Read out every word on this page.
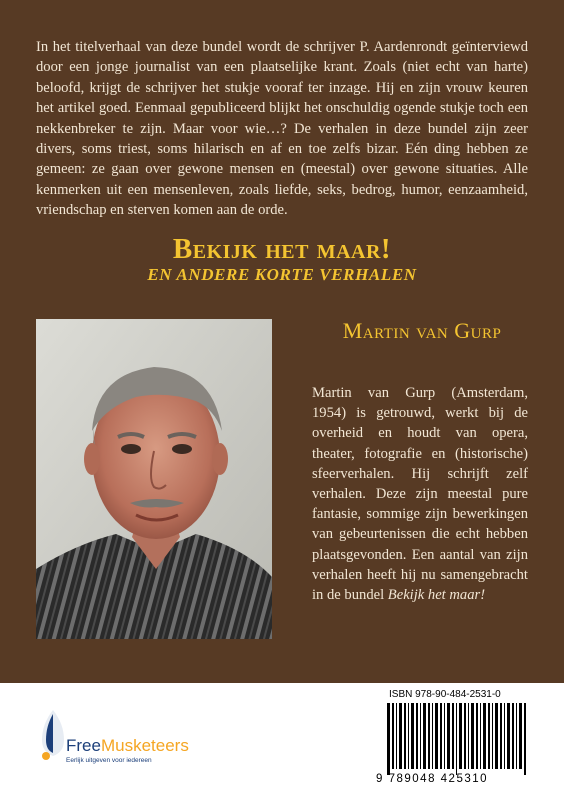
In het titelverhaal van deze bundel wordt de schrijver P. Aardenrondt geïnterviewd door een jonge journalist van een plaatselijke krant. Zoals (niet echt van harte) beloofd, krijgt de schrijver het stukje vooraf ter inzage. Hij en zijn vrouw keuren het artikel goed. Eenmaal gepubliceerd blijkt het onschuldig ogende stukje toch een nekkenbreker te zijn. Maar voor wie…? De verhalen in deze bundel zijn zeer divers, soms triest, soms hilarisch en af en toe zelfs bizar. Eén ding hebben ze gemeen: ze gaan over gewone mensen en (meestal) over gewone situaties. Alle kenmerken uit een mensenleven, zoals liefde, seks, bedrog, humor, eenzaamheid, vriendschap en sterven komen aan de orde.

Bekijk het maar!
EN ANDERE KORTE VERHALEN
Martin van Gurp

Martin van Gurp (Amsterdam, 1954) is getrouwd, werkt bij de overheid en houdt van opera, theater, fotografie en (historische) sfeerverhalen. Hij schrijft zelf verhalen. Deze zijn meestal pure fantasie, sommige zijn bewerkingen van gebeurtenissen die echt hebben plaatsgevonden. Een aantal van zijn verhalen heeft hij nu samengebracht in de bundel Bekijk het maar!

FreeMusketeers
Eerlijk uitgeven voor iedereen
ISBN 978-90-484-2531-0
9 789048 425310
